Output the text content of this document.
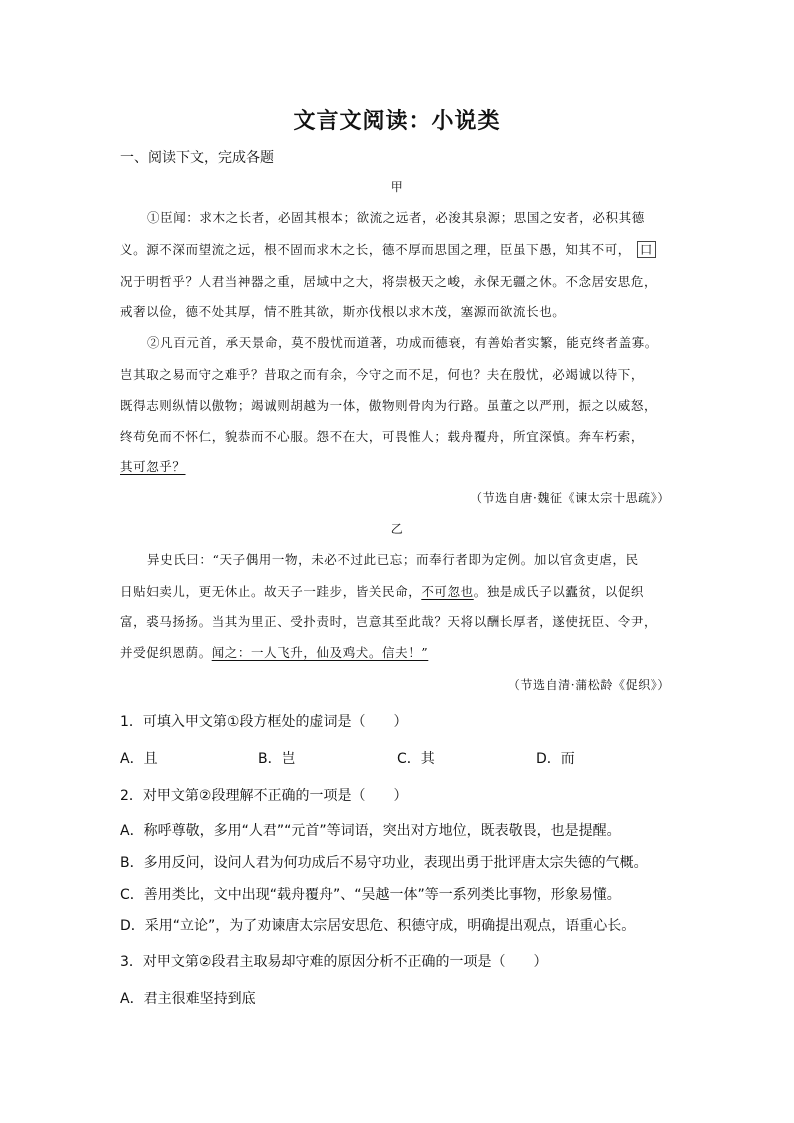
文言文阅读：小说类
一、阅读下文，完成各题
甲
①臣闻：求木之长者，必固其根本；欲流之远者，必浚其泉源；思国之安者，必积其德
义。源不深而望流之远，根不固而求木之长，德不厚而思国之理，臣虽下愚，知其不可， 口
况于明哲乎？人君当神器之重，居域中之大，将崇极天之峻，永保无疆之休。不念居安思危，
戒奢以俭，德不处其厚，情不胜其欲，斯亦伐根以求木茂，塞源而欲流长也。
②凡百元首，承天景命，莫不殷忧而道著，功成而德衰，有善始者实繁，能克终者盖寡。
岂其取之易而守之难乎？昔取之而有余，今守之而不足，何也？夫在殷忧，必竭诚以待下，
既得志则纵情以傲物；竭诚则胡越为一体，傲物则骨肉为行路。虽董之以严刑，振之以威怒，
终苟免而不怀仁，貌恭而不心服。怨不在大，可畏惟人；载舟覆舟，所宜深慎。奔车朽索，
其可忽乎？
（节选自唐·魏征《谏太宗十思疏》）
乙
异史氏曰：“天子偶用一物，未必不过此已忘；而奉行者即为定例。加以官贪吏虐，民
日贴妇卖儿，更无休止。故天子一跬步，皆关民命，不可忽也。独是成氏子以蠹贫，以促织
富，裘马扬扬。当其为里正、受扑责时，岂意其至此哉？天将以酬长厚者，遂使抚臣、令尹，
并受促织恩荫。闻之：一人飞升，仙及鸡犬。信夫！”
（节选自清·蒲松龄《促织》）
1．可填入甲文第①段方框处的虚词是（　　）
A．且	B．岂	C．其	D．而
2．对甲文第②段理解不正确的一项是（　　）
A．称呼尊敬，多用“人君”“元首”等词语，突出对方地位，既表敬畏，也是提醒。
B．多用反问，设问人君为何功成后不易守功业，表现出勇于批评唐太宗失德的气概。
C．善用类比，文中出现“载舟覆舟”、“吴越一体”等一系列类比事物，形象易懂。
D．采用“立论”，为了劝谏唐太宗居安思危、积德守成，明确提出观点，语重心长。
3．对甲文第②段君主取易却守难的原因分析不正确的一项是（　　）
A．君主很难坚持到底
